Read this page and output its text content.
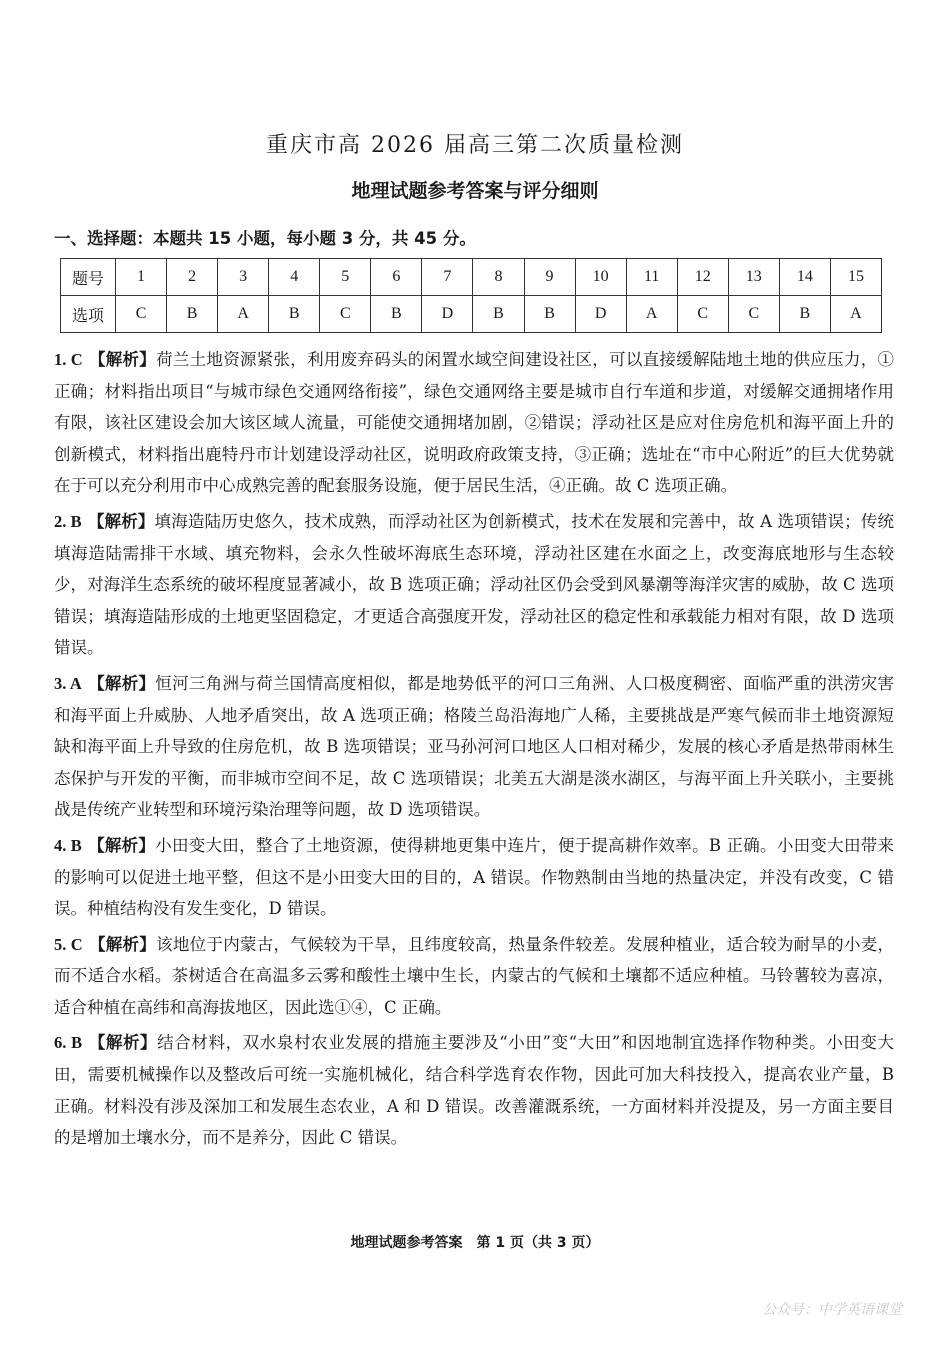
重庆市高 2026 届高三第二次质量检测
地理试题参考答案与评分细则
一、选择题：本题共 15 小题，每小题 3 分，共 45 分。
题号	1	2	3	4	5	6	7	8	9	10	11	12	13	14	15
选项	C	B	A	B	C	B	D	B	B	D	A	C	C	B	A
1. C 【解析】荷兰土地资源紧张，利用废弃码头的闲置水域空间建设社区，可以直接缓解陆地土地的供应压力，①正确；材料指出项目“与城市绿色交通网络衔接”，绿色交通网络主要是城市自行车道和步道，对缓解交通拥堵作用有限，该社区建设会加大该区域人流量，可能使交通拥堵加剧，②错误；浮动社区是应对住房危机和海平面上升的创新模式，材料指出鹿特丹市计划建设浮动社区，说明政府政策支持，③正确；选址在“市中心附近”的巨大优势就在于可以充分利用市中心成熟完善的配套服务设施，便于居民生活，④正确。故 C 选项正确。
2. B 【解析】填海造陆历史悠久，技术成熟，而浮动社区为创新模式，技术在发展和完善中，故 A 选项错误；传统填海造陆需排干水域、填充物料，会永久性破坏海底生态环境，浮动社区建在水面之上，改变海底地形与生态较少，对海洋生态系统的破坏程度显著减小，故 B 选项正确；浮动社区仍会受到风暴潮等海洋灾害的威胁，故 C 选项错误；填海造陆形成的土地更坚固稳定，才更适合高强度开发，浮动社区的稳定性和承载能力相对有限，故 D 选项错误。
3. A 【解析】恒河三角洲与荷兰国情高度相似，都是地势低平的河口三角洲、人口极度稠密、面临严重的洪涝灾害和海平面上升威胁、人地矛盾突出，故 A 选项正确；格陵兰岛沿海地广人稀，主要挑战是严寒气候而非土地资源短缺和海平面上升导致的住房危机，故 B 选项错误；亚马孙河河口地区人口相对稀少，发展的核心矛盾是热带雨林生态保护与开发的平衡，而非城市空间不足，故 C 选项错误；北美五大湖是淡水湖区，与海平面上升关联小，主要挑战是传统产业转型和环境污染治理等问题，故 D 选项错误。
4. B 【解析】小田变大田，整合了土地资源，使得耕地更集中连片，便于提高耕作效率。B 正确。小田变大田带来的影响可以促进土地平整，但这不是小田变大田的目的，A 错误。作物熟制由当地的热量决定，并没有改变，C 错误。种植结构没有发生变化，D 错误。
5. C 【解析】该地位于内蒙古，气候较为干旱，且纬度较高，热量条件较差。发展种植业，适合较为耐旱的小麦，而不适合水稻。茶树适合在高温多云雾和酸性土壤中生长，内蒙古的气候和土壤都不适应种植。马铃薯较为喜凉，适合种植在高纬和高海拔地区，因此选①④，C 正确。
6. B 【解析】结合材料，双水泉村农业发展的措施主要涉及“小田”变“大田”和因地制宜选择作物种类。小田变大田，需要机械操作以及整改后可统一实施机械化，结合科学选育农作物，因此可加大科技投入，提高农业产量，B 正确。材料没有涉及深加工和发展生态农业，A 和 D 错误。改善灌溉系统，一方面材料并没提及，另一方面主要目的是增加土壤水分，而不是养分，因此 C 错误。
地理试题参考答案　第 1 页（共 3 页）
公众号：中学英语课堂
